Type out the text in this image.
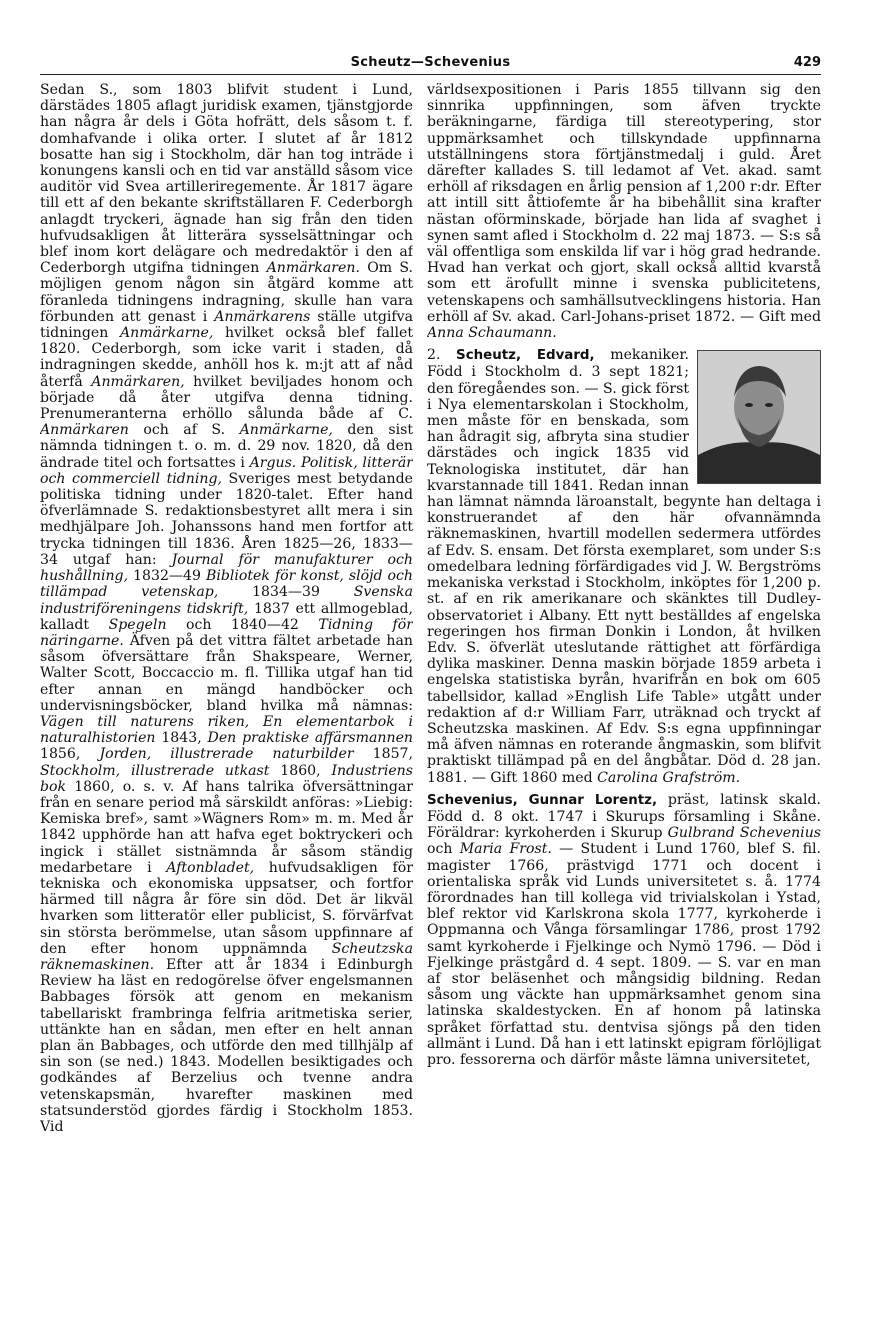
Scheutz—Schevenius	429

Sedan S., som 1803 blifvit student i Lund, därstädes 1805 aflagt juridisk examen, tjänstgjorde han några år dels i Göta hofrätt, dels såsom t. f. domhafvande i olika orter. I slutet af år 1812 bosatte han sig i Stockholm, där han tog inträde i konungens kansli och en tid var anställd såsom vice auditör vid Svea artilleriregemente. År 1817 ägare till ett af den bekante skriftställaren F. Cederborgh anlagdt tryckeri, ägnade han sig från den tiden hufvudsakligen åt litterära sysselsättningar och blef inom kort delägare och medredaktör i den af Cederborgh utgifna tidningen Anmärkaren. Om S. möjligen genom någon sin åtgärd komme att föranleda tidningens indragning, skulle han vara förbunden att genast i Anmärkarens ställe utgifva tidningen Anmärkarne, hvilket också blef fallet 1820. Cederborgh, som icke varit i staden, då indragningen skedde, anhöll hos k. m:jt att af nåd återfå Anmärkaren, hvilket beviljades honom och började då åter utgifva denna tidning. Prenumeranterna erhöllo sålunda både af C. Anmärkaren och af S. Anmärkarne, den sist nämnda tidningen t. o. m. d. 29 nov. 1820, då den ändrade titel och fortsattes i Argus. Politisk, litterär och commerciell tidning, Sveriges mest betydande politiska tidning under 1820-talet. Efter hand öfverlämnade S. redaktionsbestyret allt mera i sin medhjälpare Joh. Johanssons hand men fortfor att trycka tidningen till 1836. Åren 1825—26, 1833—34 utgaf han: Journal för manufakturer och hushållning, 1832—49 Bibliotek för konst, slöjd och tillämpad vetenskap, 1834—39 Svenska industriföreningens tidskrift, 1837 ett allmogeblad, kalladt Spegeln och 1840—42 Tidning för näringarne. Äfven på det vittra fältet arbetade han såsom öfversättare från Shakspeare, Werner, Walter Scott, Boccaccio m. fl. Tillika utgaf han tid efter annan en mängd handböcker och undervisningsböcker, bland hvilka må nämnas: Vägen till naturens riken, En elementarbok i naturalhistorien 1843, Den praktiske affärsmannen 1856, Jorden, illustrerade naturbilder 1857, Stockholm, illustrerade utkast 1860, Industriens bok 1860, o. s. v. Af hans talrika öfversättningar från en senare period må särskildt anföras: »Liebig: Kemiska bref», samt »Wägners Rom» m. m. Med år 1842 upphörde han att hafva eget boktryckeri och ingick i stället sistnämnda år såsom ständig medarbetare i Aftonbladet, hufvudsakligen för tekniska och ekonomiska uppsatser, och fortfor härmed till några år före sin död. Det är likväl hvarken som litteratör eller publicist, S. förvärfvat sin största berömmelse, utan såsom uppfinnare af den efter honom uppnämnda Scheutzska räknemaskinen. Efter att år 1834 i Edinburgh Review ha läst en redogörelse öfver engelsmannen Babbages försök att genom en mekanism tabellariskt frambringa felfria aritmetiska serier, uttänkte han en sådan, men efter en helt annan plan än Babbages, och utförde den med tillhjälp af sin son (se ned.) 1843. Modellen besiktigades och godkändes af Berzelius och tvenne andra vetenskapsmän, hvarefter maskinen med statsunderstöd gjordes färdig i Stockholm 1853. Vid

världsexpositionen i Paris 1855 tillvann sig den sinnrika uppfinningen, som äfven tryckte beräkningarne, färdiga till stereotypering, stor uppmärksamhet och tillskyndade uppfinnarna utställningens stora förtjänstmedalj i guld. Året därefter kallades S. till ledamot af Vet. akad. samt erhöll af riksdagen en årlig pension af 1,200 r:dr. Efter att intill sitt åttiofemte år ha bibehållit sina krafter nästan oförminskade, började han lida af svaghet i synen samt afled i Stockholm d. 22 maj 1873. — S:s så väl offentliga som enskilda lif var i hög grad hedrande. Hvad han verkat och gjort, skall också alltid kvarstå som ett ärofullt minne i svenska publicitetens, vetenskapens och samhällsutvecklingens historia. Han erhöll af Sv. akad. Carl-Johans-priset 1872. — Gift med Anna Schaumann.

2. Scheutz, Edvard,
mekaniker. Född i Stockholm d. 3 sept 1821; den föregåendes son. — S. gick först i Nya elementarskolan i Stockholm, men måste för en benskada, som han ådragit sig, afbryta sina studier därstädes och ingick 1835 vid Teknologiska institutet, där han kvarstannade till 1841. Redan innan han lämnat nämnda läroanstalt, begynte han deltaga i konstruerandet af den här ofvannämnda räknemaskinen, hvartill modellen sedermera utfördes af Edv. S. ensam. Det första exemplaret, som under S:s omedelbara ledning förfärdigades vid J. W. Bergströms mekaniska verkstad i Stockholm, inköptes för 1,200 p. st. af en rik amerikanare och skänktes till Dudley-observatoriet i Albany. Ett nytt beställdes af engelska regeringen hos firman Donkin i London, åt hvilken Edv. S. öfverlät uteslutande rättighet att förfärdiga dylika maskiner. Denna maskin började 1859 arbeta i engelska statistiska byrån, hvarifrån en bok om 605 tabellsidor, kallad »English Life Table» utgått under redaktion af d:r William Farr, uträknad och tryckt af Scheutzska maskinen. Af Edv. S:s egna uppfinningar må äfven nämnas en roterande ångmaskin, som blifvit praktiskt tillämpad på en del ångbåtar. Död d. 28 jan. 1881. — Gift 1860 med Carolina Grafström.

Schevenius, Gunnar Lorentz, präst, latinsk skald. Född d. 8 okt. 1747 i Skurups församling i Skåne. Föräldrar: kyrkoherden i Skurup Gulbrand Schevenius och Maria Frost. — Student i Lund 1760, blef S. fil. magister 1766, prästvigd 1771 och docent i orientaliska språk vid Lunds universitetet s. å. 1774 förordnades han till kollega vid trivialskolan i Ystad, blef rektor vid Karlskrona skola 1777, kyrkoherde i Oppmanna och Vånga församlingar 1786, prost 1792 samt kyrkoherde i Fjelkinge och Nymö 1796. — Död i Fjelkinge prästgård d. 4 sept. 1809. — S. var en man af stor beläsenhet och mångsidig bildning. Redan såsom ung väckte han uppmärksamhet genom sina latinska skaldestycken. En af honom på latinska språket författad stu. dentvisa sjöngs på den tiden allmänt i Lund. Då han i ett latinskt epigram förlöjligat pro. fessorerna och därför måste lämna universitetet,
